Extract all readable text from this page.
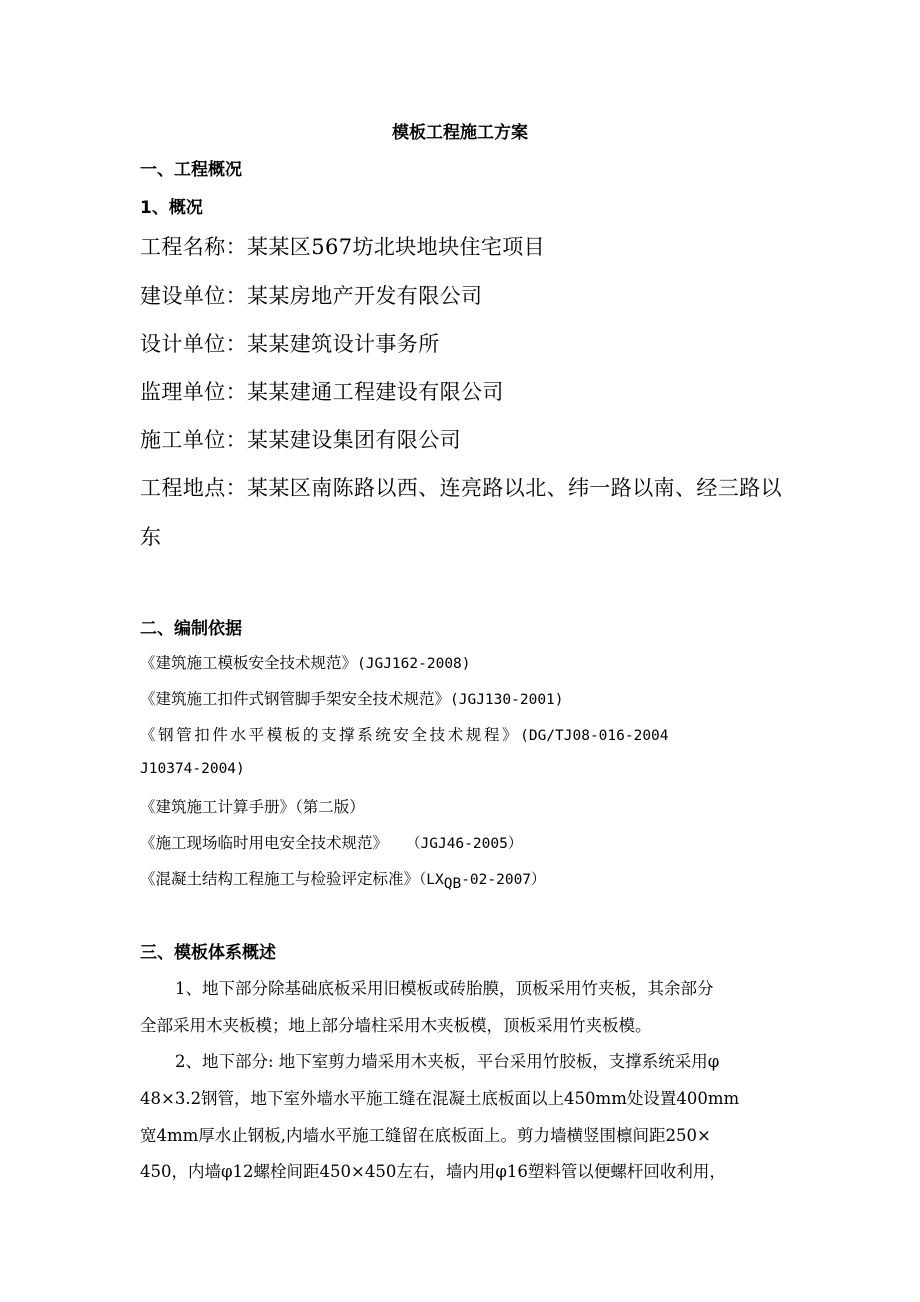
模板工程施工方案
一、工程概况
1、概况
工程名称：某某区567坊北块地块住宅项目
建设单位：某某房地产开发有限公司
设计单位：某某建筑设计事务所
监理单位：某某建通工程建设有限公司
施工单位：某某建设集团有限公司
工程地点：某某区南陈路以西、连亮路以北、纬一路以南、经三路以
东
二、编制依据
《建筑施工模板安全技术规范》(JGJ162-2008)
《建筑施工扣件式钢管脚手架安全技术规范》(JGJ130-2001)
《钢管扣件水平模板的支撑系统安全技术规程》(DG/TJ08-016-2004
J10374-2004)
《建筑施工计算手册》（第二版）
《施工现场临时用电安全技术规范》 （JGJ46-2005）
《混凝土结构工程施工与检验评定标准》$(LX_{QB}-02-2007)$
三、模板体系概述
1、地下部分除基础底板采用旧模板或砖胎膜，顶板采用竹夹板，其余部分
全部采用木夹板模；地上部分墙柱采用木夹板模，顶板采用竹夹板模。
2、地下部分: 地下室剪力墙采用木夹板，平台采用竹胶板，支撑系统采用φ
48×3.2钢管，地下室外墙水平施工缝在混凝土底板面以上450mm处设置400mm
宽4mm厚水止钢板,内墙水平施工缝留在底板面上。剪力墙横竖围檩间距250×
450，内墙φ12螺栓间距450×450左右，墙内用φ16塑料管以便螺杆回收利用，
